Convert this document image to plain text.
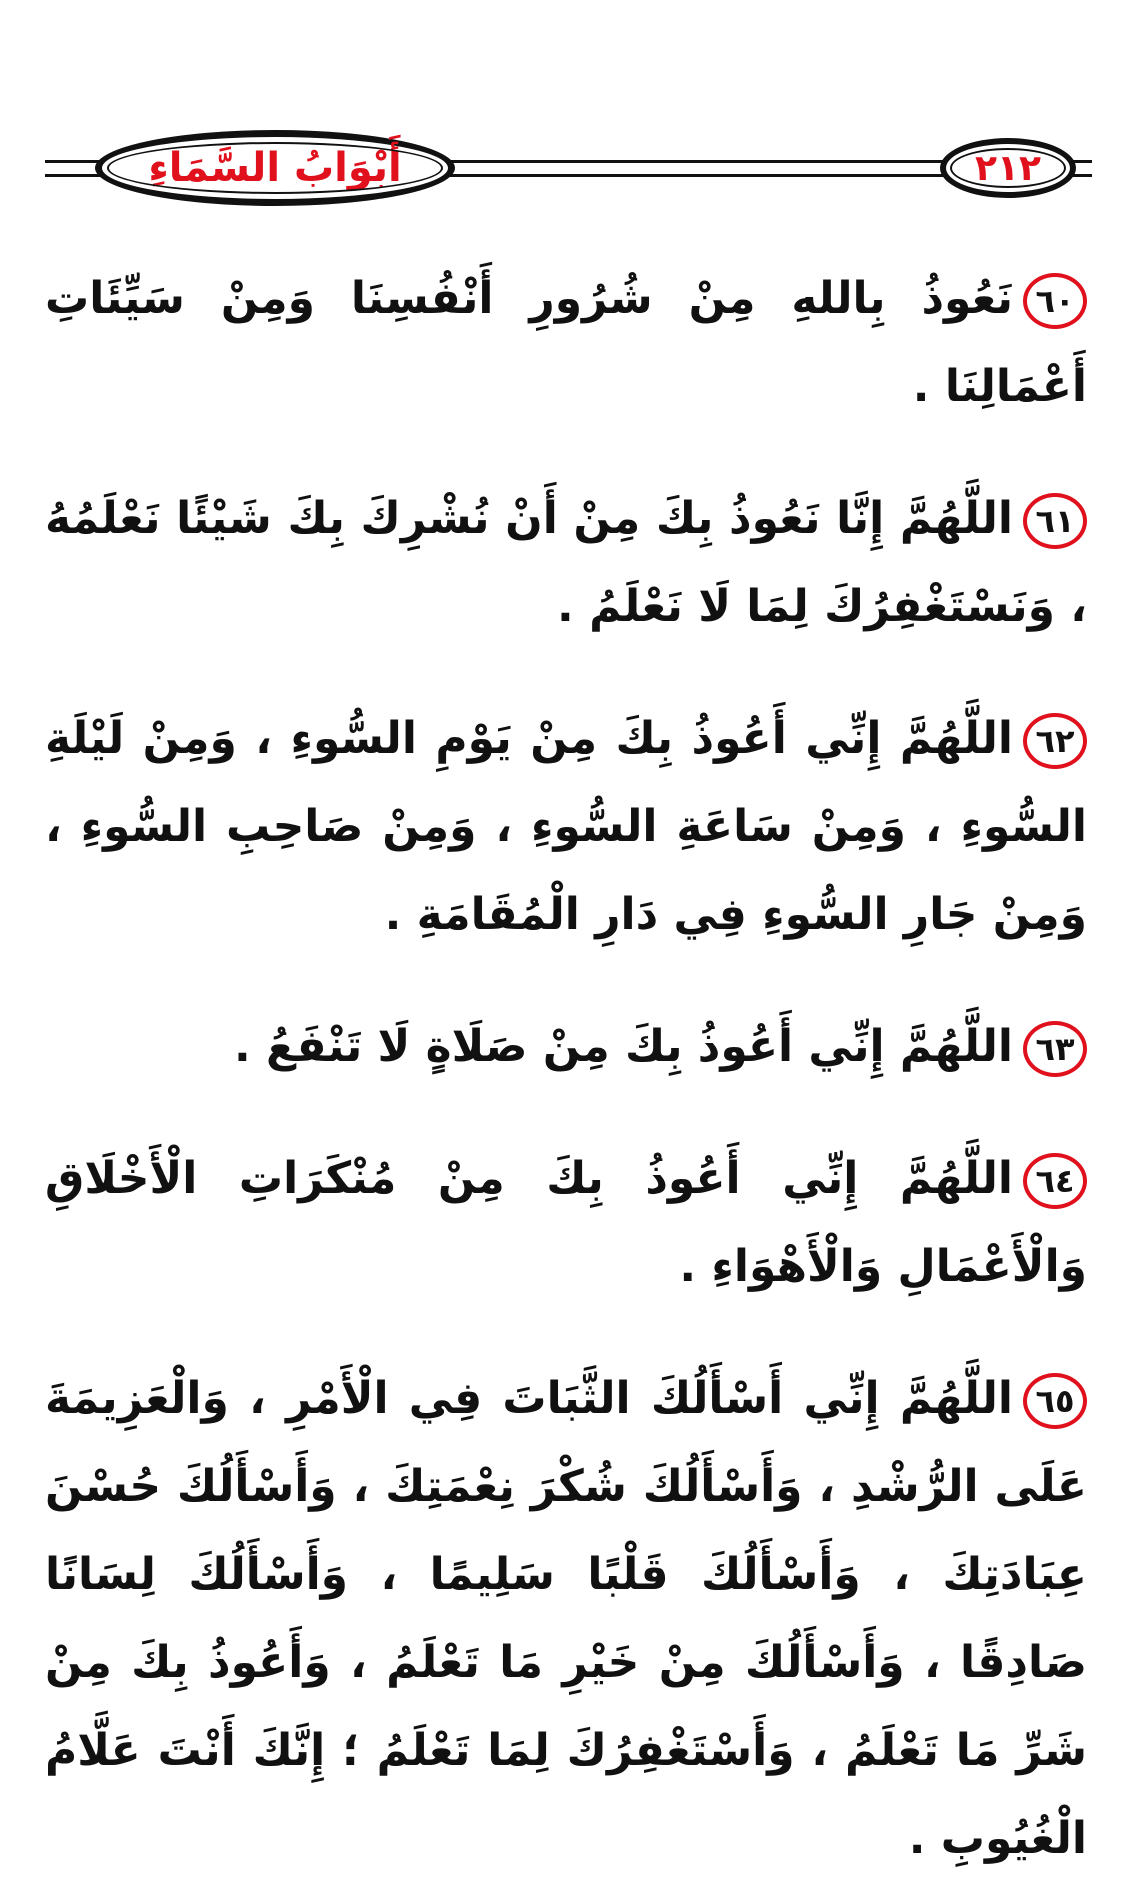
أَبْوَابُ السَّمَاءِ	٢١٢

٦٠نَعُوذُ بِاللهِ مِنْ شُرُورِ أَنْفُسِنَا وَمِنْ سَيِّئَاتِ أَعْمَالِنَا .

٦١اللَّهُمَّ إِنَّا نَعُوذُ بِكَ مِنْ أَنْ نُشْرِكَ بِكَ شَيْئًا نَعْلَمُهُ ، وَنَسْتَغْفِرُكَ لِمَا لَا نَعْلَمُ .

٦٢اللَّهُمَّ إِنِّي أَعُوذُ بِكَ مِنْ يَوْمِ السُّوءِ ، وَمِنْ لَيْلَةِ السُّوءِ ، وَمِنْ سَاعَةِ السُّوءِ ، وَمِنْ صَاحِبِ السُّوءِ ، وَمِنْ جَارِ السُّوءِ فِي دَارِ الْمُقَامَةِ .

٦٣اللَّهُمَّ إِنِّي أَعُوذُ بِكَ مِنْ صَلَاةٍ لَا تَنْفَعُ .

٦٤اللَّهُمَّ إِنِّي أَعُوذُ بِكَ مِنْ مُنْكَرَاتِ الْأَخْلَاقِ وَالْأَعْمَالِ وَالْأَهْوَاءِ .

٦٥اللَّهُمَّ إِنِّي أَسْأَلُكَ الثَّبَاتَ فِي الْأَمْرِ ، وَالْعَزِيمَةَ عَلَى الرُّشْدِ ، وَأَسْأَلُكَ شُكْرَ نِعْمَتِكَ ، وَأَسْأَلُكَ حُسْنَ عِبَادَتِكَ ، وَأَسْأَلُكَ قَلْبًا سَلِيمًا ، وَأَسْأَلُكَ لِسَانًا صَادِقًا ، وَأَسْأَلُكَ مِنْ خَيْرِ مَا تَعْلَمُ ، وَأَعُوذُ بِكَ مِنْ شَرِّ مَا تَعْلَمُ ، وَأَسْتَغْفِرُكَ لِمَا تَعْلَمُ ؛ إِنَّكَ أَنْتَ عَلَّامُ الْغُيُوبِ .
